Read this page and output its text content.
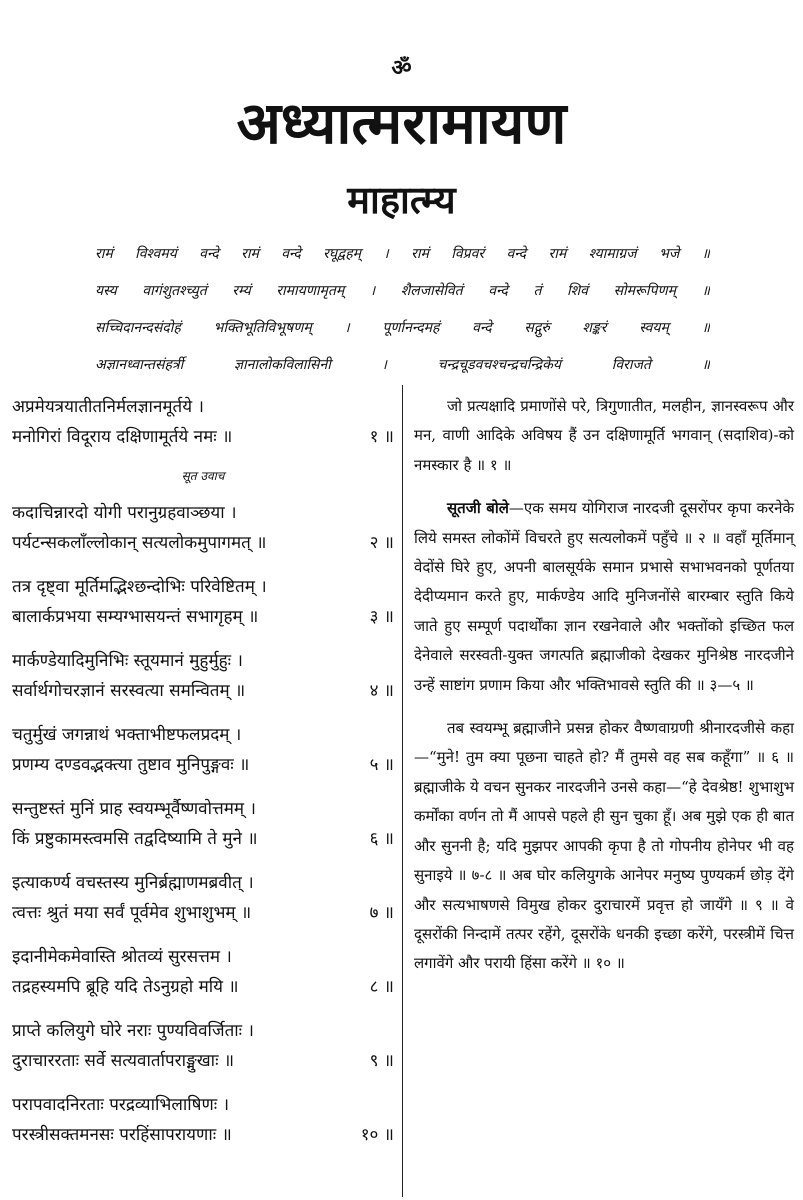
ॐ
अध्यात्मरामायण
माहात्म्य
रामं विश्वमयं वन्दे रामं वन्दे रघूद्वहम् । रामं विप्रवरं वन्दे रामं श्यामाग्रजं भजे ॥
यस्य वागंशुतश्च्युतं रम्यं रामायणामृतम् । शैलजासेवितं वन्दे तं शिवं सोमरूपिणम् ॥
सच्चिदानन्दसंदोहं भक्तिभूतिविभूषणम् । पूर्णानन्दमहं वन्दे सद्गुरुं शङ्करं स्वयम् ॥
अज्ञानध्वान्तसंहर्त्री ज्ञानालोकविलासिनी । चन्द्रचूडवचश्चन्द्रचन्द्रिकेयं विराजते ॥
अप्रमेयत्रयातीतनिर्मलज्ञानमूर्तये ।
मनोगिरां विदूराय दक्षिणामूर्तये नमः ॥	१ ॥
सूत उवाच
कदाचिन्नारदो योगी परानुग्रहवाञ्छया ।
पर्यटन्सकलाँल्लोकान् सत्यलोकमुपागमत् ॥	२ ॥
तत्र दृष्ट्वा मूर्तिमद्भिश्छन्दोभिः परिवेष्टितम् ।
बालार्कप्रभया सम्यग्भासयन्तं सभागृहम् ॥	३ ॥
मार्कण्डेयादिमुनिभिः स्तूयमानं मुहुर्मुहुः ।
सर्वार्थगोचरज्ञानं सरस्वत्या समन्वितम् ॥	४ ॥
चतुर्मुखं जगन्नाथं भक्ताभीष्टफलप्रदम् ।
प्रणम्य दण्डवद्भक्त्या तुष्टाव मुनिपुङ्गवः ॥	५ ॥
सन्तुष्टस्तं मुनिं प्राह स्वयम्भूर्वैष्णवोत्तमम् ।
किं प्रष्टुकामस्त्वमसि तद्वदिष्यामि ते मुने ॥	६ ॥
इत्याकर्ण्य वचस्तस्य मुनिर्ब्रह्माणमब्रवीत् ।
त्वत्तः श्रुतं मया सर्वं पूर्वमेव शुभाशुभम् ॥	७ ॥
इदानीमेकमेवास्ति श्रोतव्यं सुरसत्तम ।
तद्रहस्यमपि ब्रूहि यदि तेऽनुग्रहो मयि ॥	८ ॥
प्राप्ते कलियुगे घोरे नराः पुण्यविवर्जिताः ।
दुराचाररताः सर्वे सत्यवार्तापराङ्मुखाः ॥	९ ॥
परापवादनिरताः परद्रव्याभिलाषिणः ।
परस्त्रीसक्तमनसः परहिंसापरायणाः ॥	१० ॥

जो प्रत्यक्षादि प्रमाणोंसे परे, त्रिगुणातीत, मलहीन, ज्ञानस्वरूप और मन, वाणी आदिके अविषय हैं उन दक्षिणामूर्ति भगवान् (सदाशिव)-को नमस्कार है ॥ १ ॥

सूतजी बोले—एक समय योगिराज नारदजी दूसरोंपर कृपा करनेके लिये समस्त लोकोंमें विचरते हुए सत्यलोकमें पहुँचे ॥ २ ॥ वहाँ मूर्तिमान् वेदोंसे घिरे हुए, अपनी बालसूर्यके समान प्रभासे सभाभवनको पूर्णतया देदीप्यमान करते हुए, मार्कण्डेय आदि मुनिजनोंसे बारम्बार स्तुति किये जाते हुए सम्पूर्ण पदार्थोंका ज्ञान रखनेवाले और भक्तोंको इच्छित फल देनेवाले सरस्वती-युक्त जगत्पति ब्रह्माजीको देखकर मुनिश्रेष्ठ नारदजीने उन्हें साष्टांग प्रणाम किया और भक्तिभावसे स्तुति की ॥ ३—५ ॥

तब स्वयम्भू ब्रह्माजीने प्रसन्न होकर वैष्णवाग्रणी श्रीनारदजीसे कहा—“मुने! तुम क्या पूछना चाहते हो? मैं तुमसे वह सब कहूँगा” ॥ ६ ॥ ब्रह्माजीके ये वचन सुनकर नारदजीने उनसे कहा—“हे देवश्रेष्ठ! शुभाशुभ कर्मोंका वर्णन तो मैं आपसे पहले ही सुन चुका हूँ। अब मुझे एक ही बात और सुननी है; यदि मुझपर आपकी कृपा है तो गोपनीय होनेपर भी वह सुनाइये ॥ ७-८ ॥ अब घोर कलियुगके आनेपर मनुष्य पुण्यकर्म छोड़ देंगे और सत्यभाषणसे विमुख होकर दुराचारमें प्रवृत्त हो जायँगे ॥ ९ ॥ वे दूसरोंकी निन्दामें तत्पर रहेंगे, दूसरोंके धनकी इच्छा करेंगे, परस्त्रीमें चित्त लगावेंगे और परायी हिंसा करेंगे ॥ १० ॥
